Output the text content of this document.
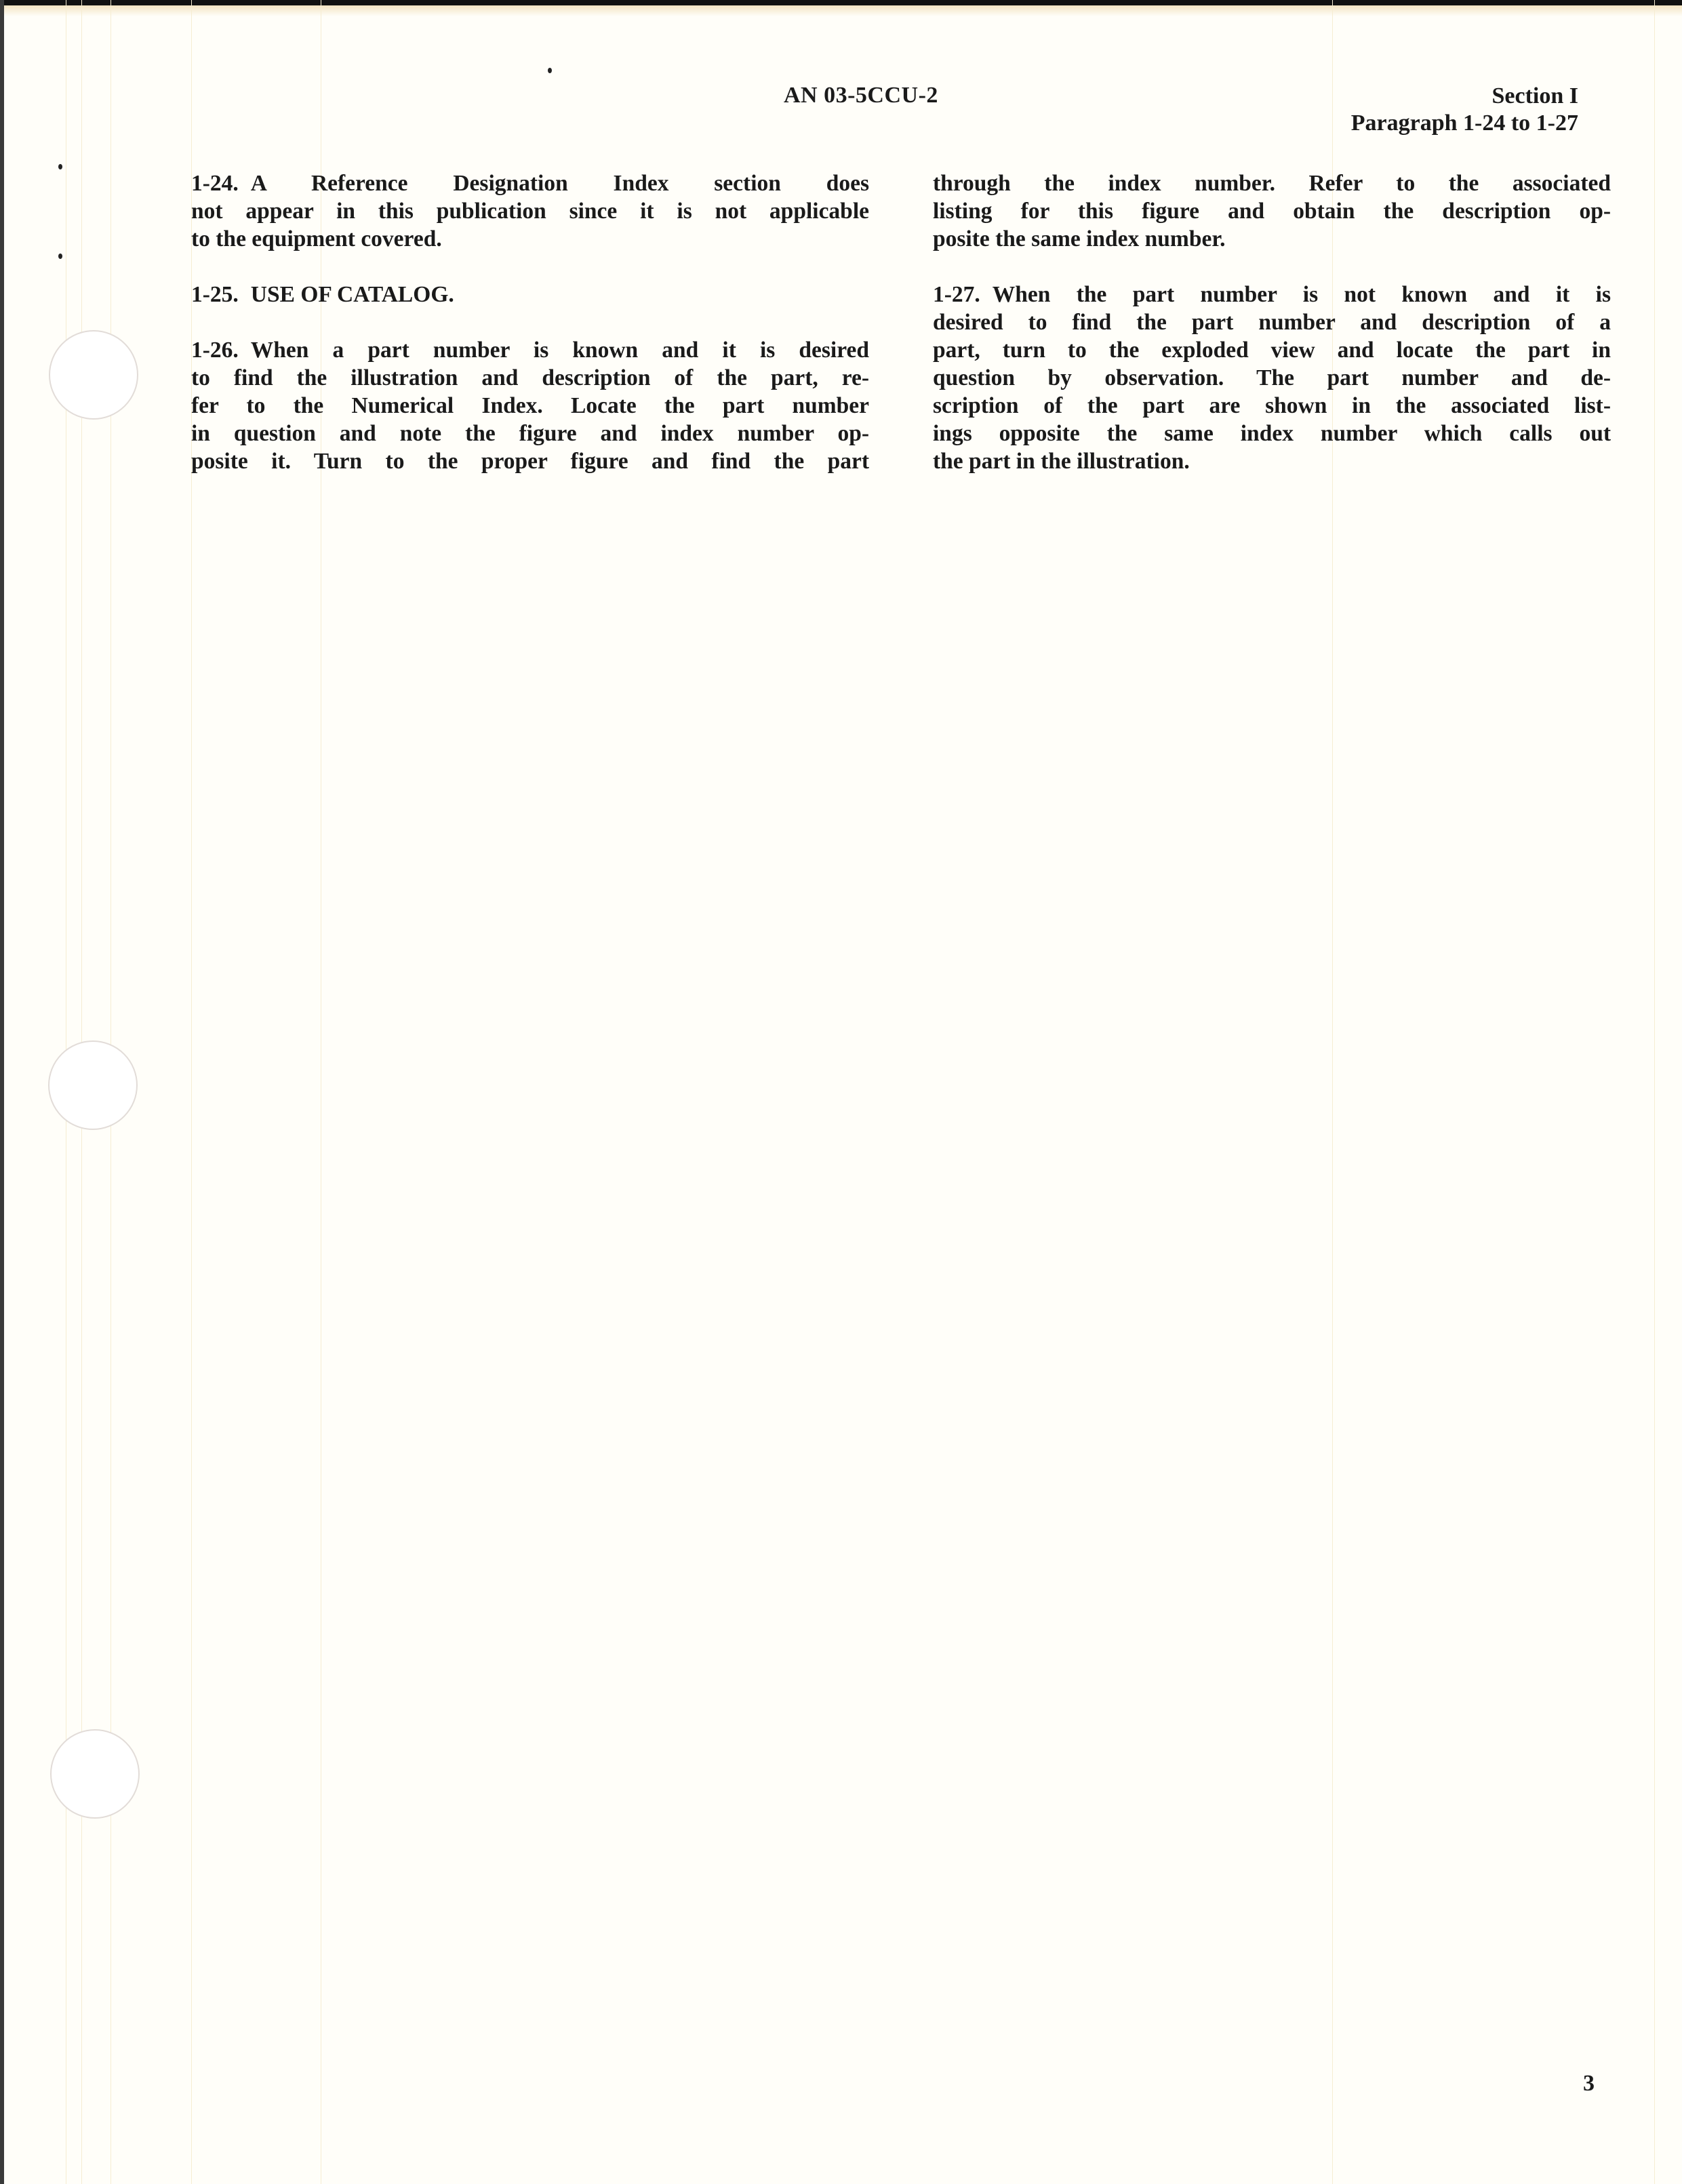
AN 03-5CCU-2	Section I
Paragraph 1-24 to 1-27
1-24. A Reference Designation Index section does
not appear in this publication since it is not applicable
to the equipment covered.
1-25. USE OF CATALOG.
1-26. When a part number is known and it is desired
to find the illustration and description of the part, re-
fer to the Numerical Index. Locate the part number
in question and note the figure and index number op-
posite it. Turn to the proper figure and find the part
through the index number. Refer to the associated
listing for this figure and obtain the description op-
posite the same index number.
1-27. When the part number is not known and it is
desired to find the part number and description of a
part, turn to the exploded view and locate the part in
question by observation. The part number and de-
scription of the part are shown in the associated list-
ings opposite the same index number which calls out
the part in the illustration.
3
